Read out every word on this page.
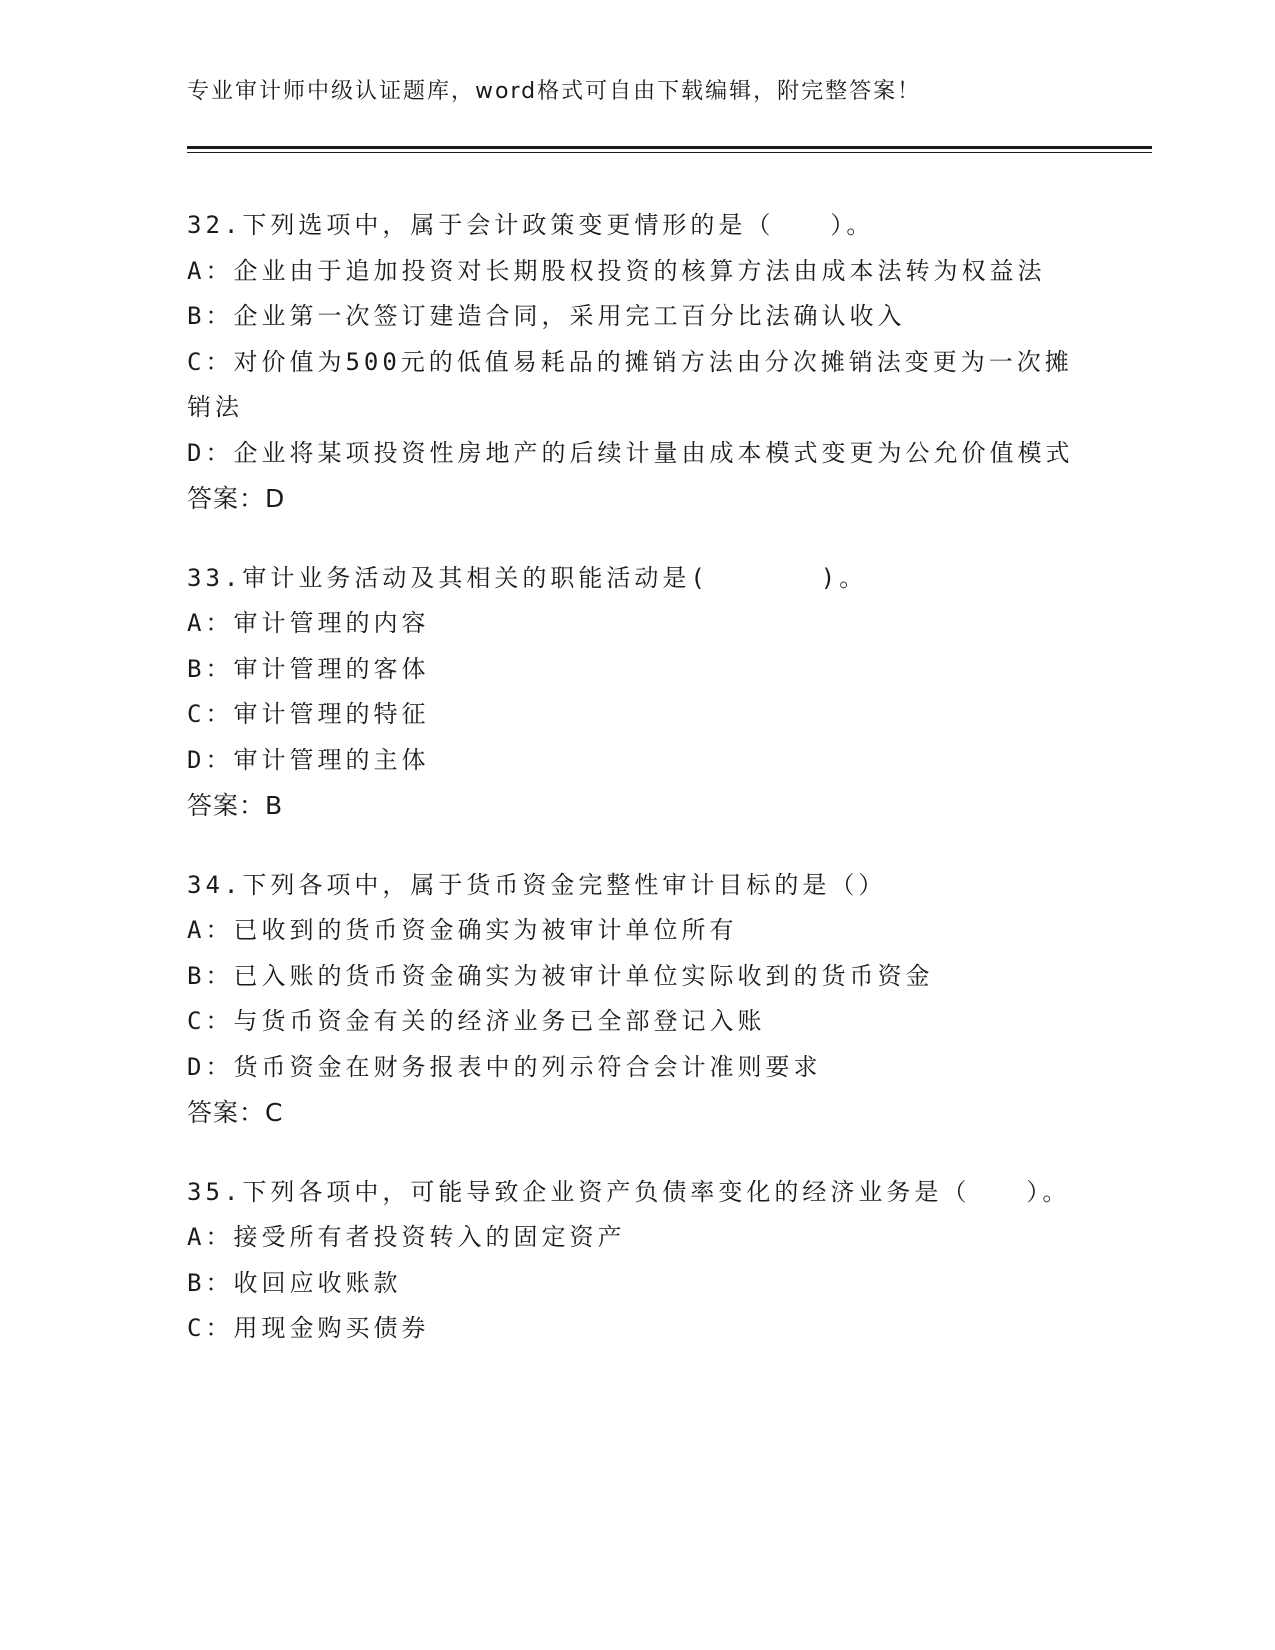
专业审计师中级认证题库，word格式可自由下载编辑，附完整答案！
32.下列选项中，属于会计政策变更情形的是（　　）。
A：企业由于追加投资对长期股权投资的核算方法由成本法转为权益法
B：企业第一次签订建造合同，采用完工百分比法确认收入
C：对价值为500元的低值易耗品的摊销方法由分次摊销法变更为一次摊销法
D：企业将某项投资性房地产的后续计量由成本模式变更为公允价值模式
答案：D
33.审计业务活动及其相关的职能活动是(　　　　)。
A：审计管理的内容
B：审计管理的客体
C：审计管理的特征
D：审计管理的主体
答案：B
34.下列各项中，属于货币资金完整性审计目标的是（）
A：已收到的货币资金确实为被审计单位所有
B：已入账的货币资金确实为被审计单位实际收到的货币资金
C：与货币资金有关的经济业务已全部登记入账
D：货币资金在财务报表中的列示符合会计准则要求
答案：C
35.下列各项中，可能导致企业资产负债率变化的经济业务是（　　）。
A：接受所有者投资转入的固定资产
B：收回应收账款
C：用现金购买债券
